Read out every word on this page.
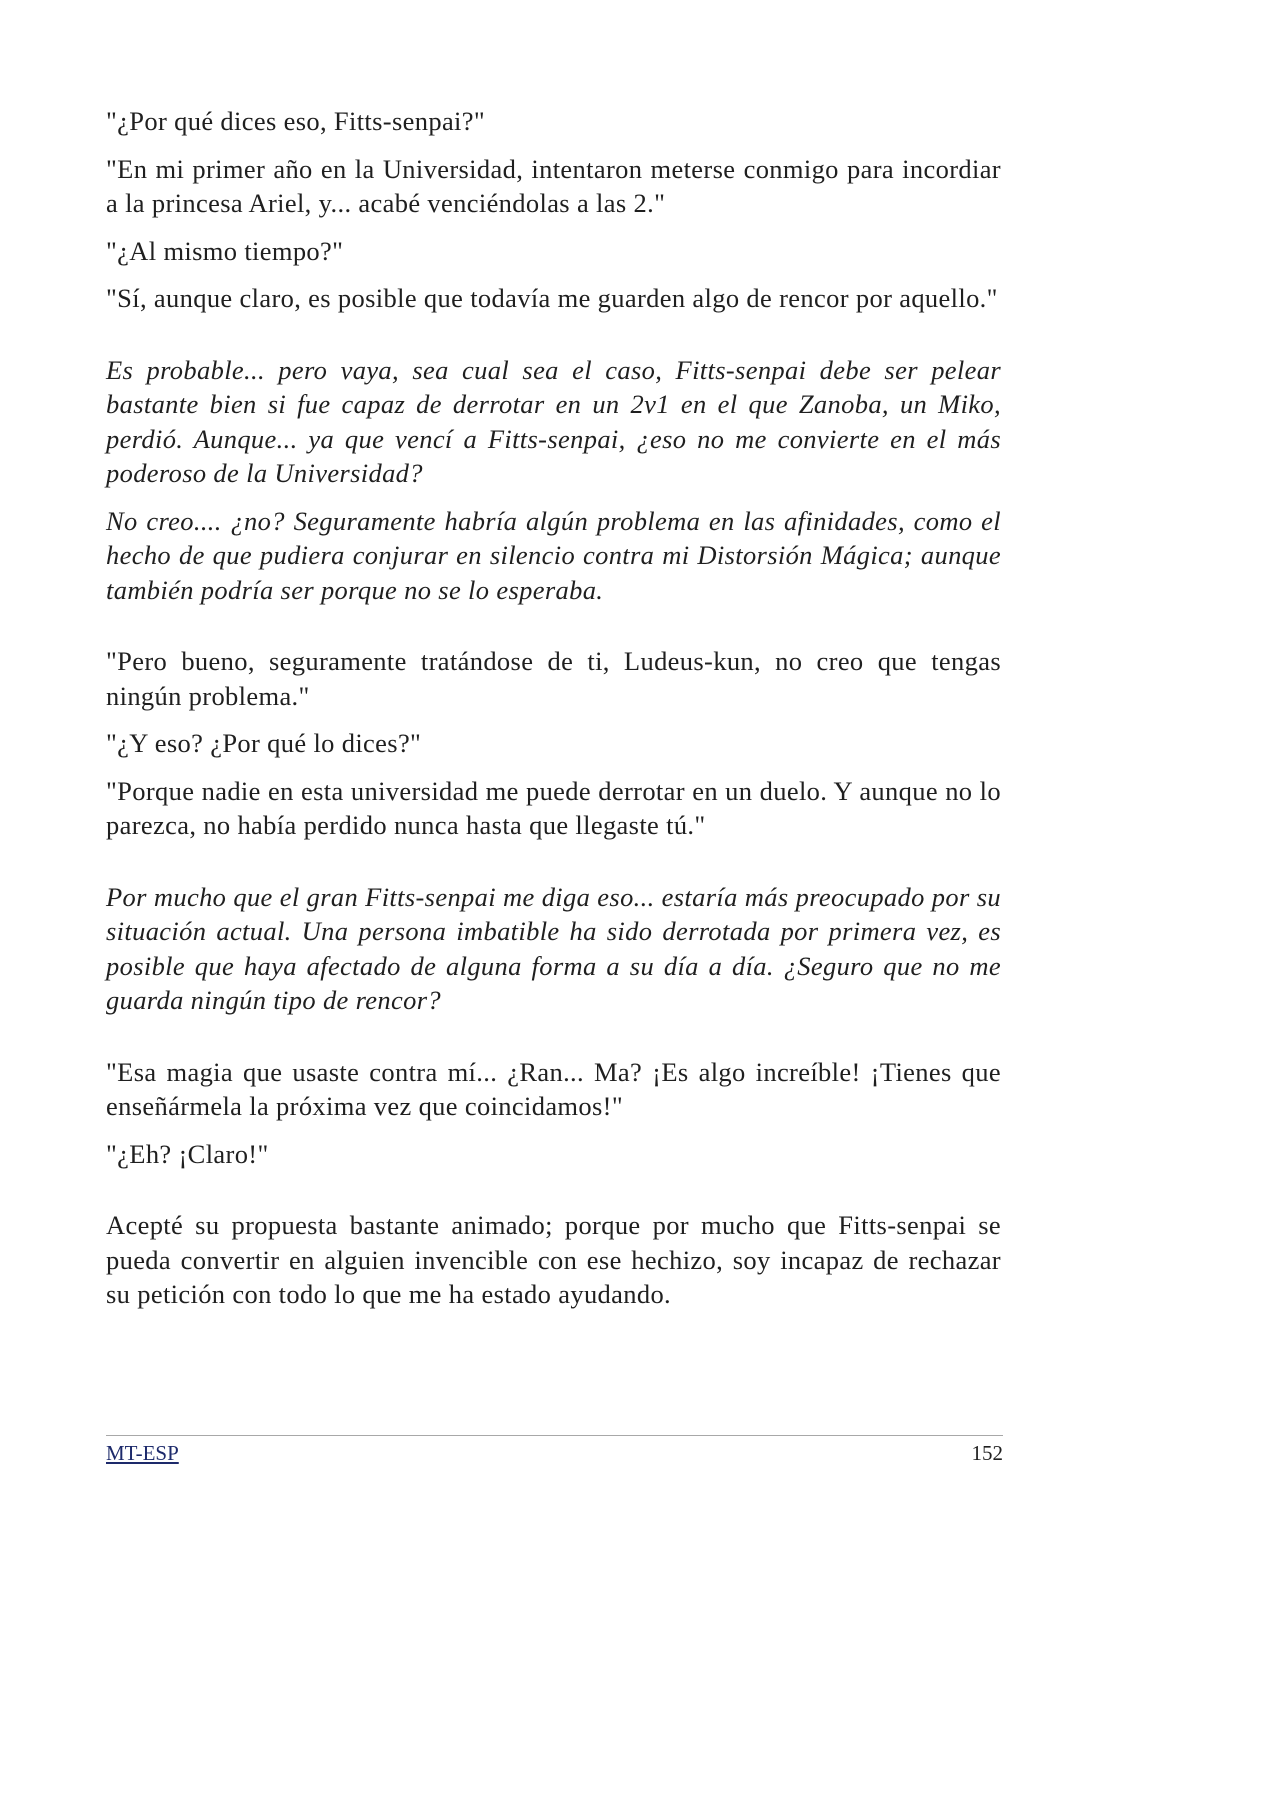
"¿Por qué dices eso, Fitts-senpai?"

"En mi primer año en la Universidad, intentaron meterse conmigo para incordiar a la princesa Ariel, y... acabé venciéndolas a las 2."

"¿Al mismo tiempo?"

"Sí, aunque claro, es posible que todavía me guarden algo de rencor por aquello."

Es probable... pero vaya, sea cual sea el caso, Fitts-senpai debe ser pelear bastante bien si fue capaz de derrotar en un 2v1 en el que Zanoba, un Miko, perdió. Aunque... ya que vencí a Fitts-senpai, ¿eso no me convierte en el más poderoso de la Universidad?

No creo.... ¿no? Seguramente habría algún problema en las afinidades, como el hecho de que pudiera conjurar en silencio contra mi Distorsión Mágica; aunque también podría ser porque no se lo esperaba.

"Pero bueno, seguramente tratándose de ti, Ludeus-kun, no creo que tengas ningún problema."

"¿Y eso? ¿Por qué lo dices?"

"Porque nadie en esta universidad me puede derrotar en un duelo. Y aunque no lo parezca, no había perdido nunca hasta que llegaste tú."

Por mucho que el gran Fitts-senpai me diga eso... estaría más preocupado por su situación actual. Una persona imbatible ha sido derrotada por primera vez, es posible que haya afectado de alguna forma a su día a día. ¿Seguro que no me guarda ningún tipo de rencor?

"Esa magia que usaste contra mí... ¿Ran... Ma? ¡Es algo increíble! ¡Tienes que enseñármela la próxima vez que coincidamos!"

"¿Eh? ¡Claro!"

Acepté su propuesta bastante animado; porque por mucho que Fitts-senpai se pueda convertir en alguien invencible con ese hechizo, soy incapaz de rechazar su petición con todo lo que me ha estado ayudando.

MT-ESP	152
